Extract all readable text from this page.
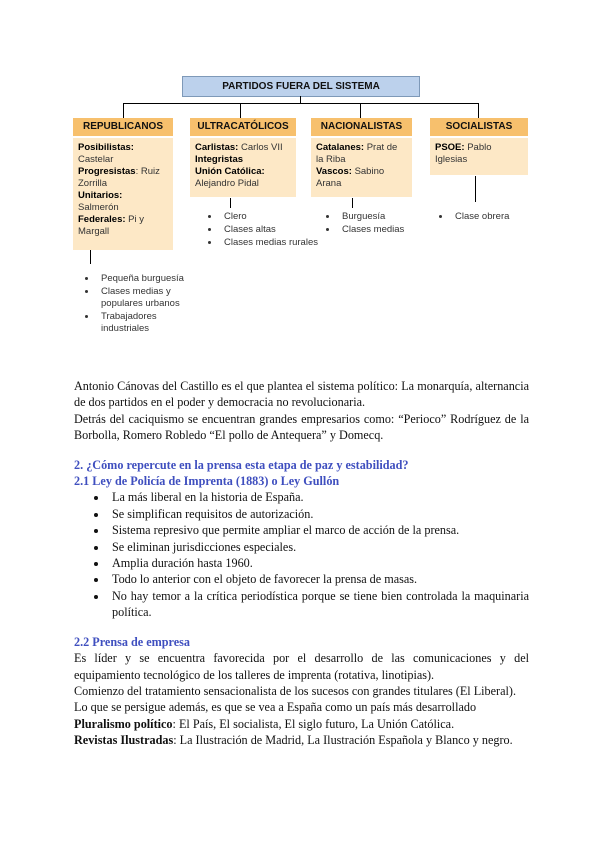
PARTIDOS FUERA DEL SISTEMA
REPUBLICANOS
Posibilistas:
Castelar
Progresistas: Ruiz Zorrilla
Unitarios:
Salmerón
Federales: Pi y Margall
• Pequeña burguesía
• Clases medias y populares urbanos
• Trabajadores industriales
ULTRACATÓLICOS
Carlistas: Carlos VII
Integristas
Unión Católica:
Alejandro Pidal
• Clero
• Clases altas
• Clases medias rurales
NACIONALISTAS
Catalanes: Prat de la Riba
Vascos: Sabino Arana
• Burguesía
• Clases medias
SOCIALISTAS
PSOE: Pablo Iglesias
• Clase obrera

Antonio Cánovas del Castillo es el que plantea el sistema político: La monarquía, alternancia de dos partidos en el poder y democracia no revolucionaria.

Detrás del caciquismo se encuentran grandes empresarios como: “Perioco” Rodríguez de la Borbolla, Romero Robledo “El pollo de Antequera” y Domecq.

2. ¿Cómo repercute en la prensa esta etapa de paz y estabilidad?

2.1 Ley de Policía de Imprenta (1883) o Ley Gullón

• La más liberal en la historia de España.
• Se simplifican requisitos de autorización.
• Sistema represivo que permite ampliar el marco de acción de la prensa.
• Se eliminan jurisdicciones especiales.
• Amplia duración hasta 1960.
• Todo lo anterior con el objeto de favorecer la prensa de masas.
• No hay temor a la crítica periodística porque se tiene bien controlada la maquinaria política.

2.2 Prensa de empresa

Es líder y se encuentra favorecida por el desarrollo de las comunicaciones y del equipamiento tecnológico de los talleres de imprenta (rotativa, linotipias).

Comienzo del tratamiento sensacionalista de los sucesos con grandes titulares (El Liberal).

Lo que se persigue además, es que se vea a España como un país más desarrollado

Pluralismo político: El País, El socialista, El siglo futuro, La Unión Católica.

Revistas Ilustradas: La Ilustración de Madrid, La Ilustración Española y Blanco y negro.
